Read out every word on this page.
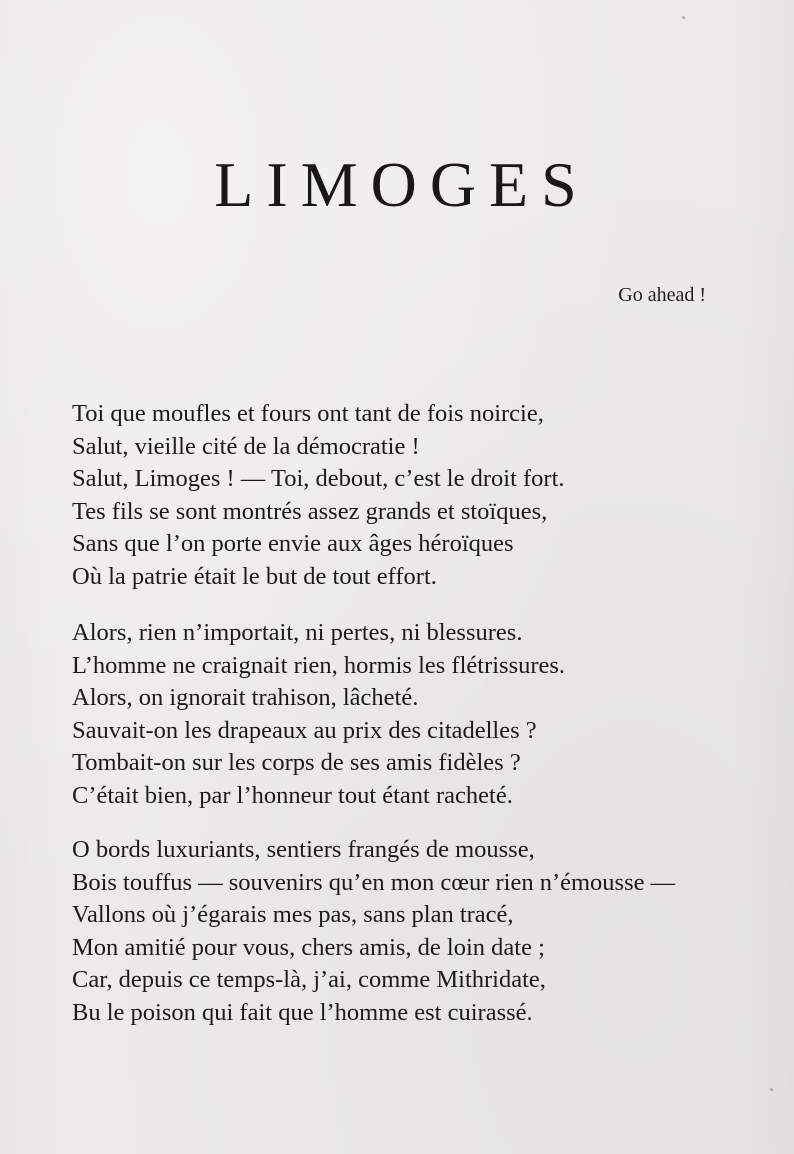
LIMOGES
Go ahead !
Toi que moufles et fours ont tant de fois noircie,
Salut, vieille cité de la démocratie !
Salut, Limoges ! — Toi, debout, c’est le droit fort.
Tes fils se sont montrés assez grands et stoïques,
Sans que l’on porte envie aux âges héroïques
Où la patrie était le but de tout effort.
Alors, rien n’importait, ni pertes, ni blessures.
L’homme ne craignait rien, hormis les flétrissures.
Alors, on ignorait trahison, lâcheté.
Sauvait-on les drapeaux au prix des citadelles ?
Tombait-on sur les corps de ses amis fidèles ?
C’était bien, par l’honneur tout étant racheté.
O bords luxuriants, sentiers frangés de mousse,
Bois touffus — souvenirs qu’en mon cœur rien n’émousse —
Vallons où j’égarais mes pas, sans plan tracé,
Mon amitié pour vous, chers amis, de loin date ;
Car, depuis ce temps-là, j’ai, comme Mithridate,
Bu le poison qui fait que l’homme est cuirassé.
